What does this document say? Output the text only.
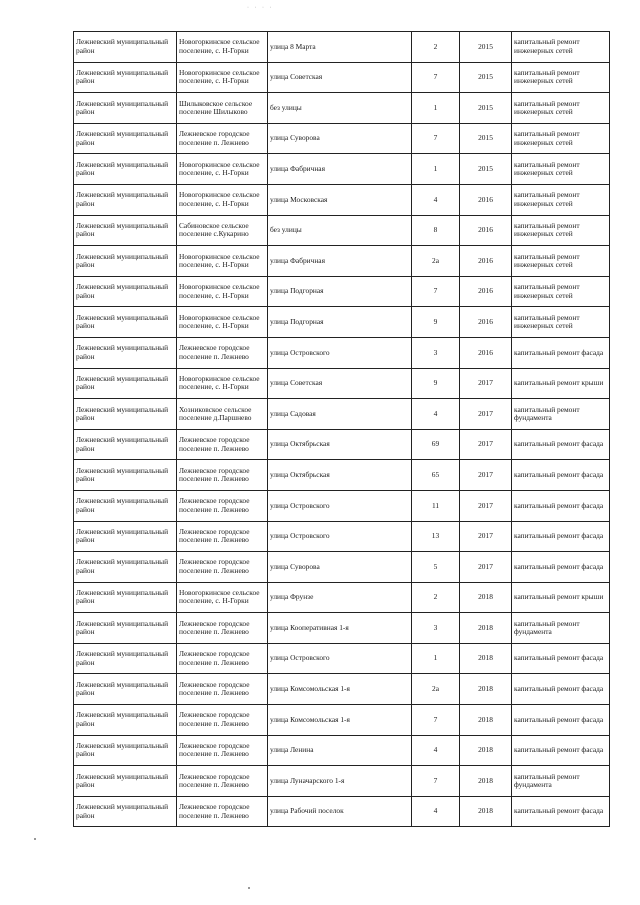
· · · ·
Лежневский муниципальный район	Новогоркинское сельское поселение, с. Н-Горки	улица 8 Марта	2	2015	капитальный ремонт инженерных сетей
Лежневский муниципальный район	Новогоркинское сельское поселение, с. Н-Горки	улица Советская	7	2015	капитальный ремонт инженерных сетей
Лежневский муниципальный район	Шилыковское сельское поселение Шилыково	без улицы	1	2015	капитальный ремонт инженерных сетей
Лежневский муниципальный район	Лежневское городское поселение п. Лежнево	улица Суворова	7	2015	капитальный ремонт инженерных сетей
Лежневский муниципальный район	Новогоркинское сельское поселение, с. Н-Горки	улица Фабричная	1	2015	капитальный ремонт инженерных сетей
Лежневский муниципальный район	Новогоркинское сельское поселение, с. Н-Горки	улица Московская	4	2016	капитальный ремонт инженерных сетей
Лежневский муниципальный район	Сабиновское сельское поселение с.Кукарино	без улицы	8	2016	капитальный ремонт инженерных сетей
Лежневский муниципальный район	Новогоркинское сельское поселение, с. Н-Горки	улица Фабричная	2а	2016	капитальный ремонт инженерных сетей
Лежневский муниципальный район	Новогоркинское сельское поселение, с. Н-Горки	улица Подгорная	7	2016	капитальный ремонт инженерных сетей
Лежневский муниципальный район	Новогоркинское сельское поселение, с. Н-Горки	улица Подгорная	9	2016	капитальный ремонт инженерных сетей
Лежневский муниципальный район	Лежневское городское поселение п. Лежнево	улица Островского	3	2016	капитальный ремонт фасада
Лежневский муниципальный район	Новогоркинское сельское поселение, с. Н-Горки	улица Советская	9	2017	капитальный ремонт крыши
Лежневский муниципальный район	Хозниковское сельское поселение д.Паршнево	улица Садовая	4	2017	капитальный ремонт фундамента
Лежневский муниципальный район	Лежневское городское поселение п. Лежнево	улица Октябрьская	69	2017	капитальный ремонт фасада
Лежневский муниципальный район	Лежневское городское поселение п. Лежнево	улица Октябрьская	65	2017	капитальный ремонт фасада
Лежневский муниципальный район	Лежневское городское поселение п. Лежнево	улица Островского	11	2017	капитальный ремонт фасада
Лежневский муниципальный район	Лежневское городское поселение п. Лежнево	улица Островского	13	2017	капитальный ремонт фасада
Лежневский муниципальный район	Лежневское городское поселение п. Лежнево	улица Суворова	5	2017	капитальный ремонт фасада
Лежневский муниципальный район	Новогоркинское сельское поселение, с. Н-Горки	улица Фрунзе	2	2018	капитальный ремонт крыши
Лежневский муниципальный район	Лежневское городское поселение п. Лежнево	улица Кооперативная 1-я	3	2018	капитальный ремонт фундамента
Лежневский муниципальный район	Лежневское городское поселение п. Лежнево	улица Островского	1	2018	капитальный ремонт фасада
Лежневский муниципальный район	Лежневское городское поселение п. Лежнево	улица Комсомольская 1-я	2а	2018	капитальный ремонт фасада
Лежневский муниципальный район	Лежневское городское поселение п. Лежнево	улица Комсомольская 1-я	7	2018	капитальный ремонт фасада
Лежневский муниципальный район	Лежневское городское поселение п. Лежнево	улица Ленина	4	2018	капитальный ремонт фасада
Лежневский муниципальный район	Лежневское городское поселение п. Лежнево	улица Луначарского 1-я	7	2018	капитальный ремонт фундамента
Лежневский муниципальный район	Лежневское городское поселение п. Лежнево	улица Рабочий поселок	4	2018	капитальный ремонт фасада
